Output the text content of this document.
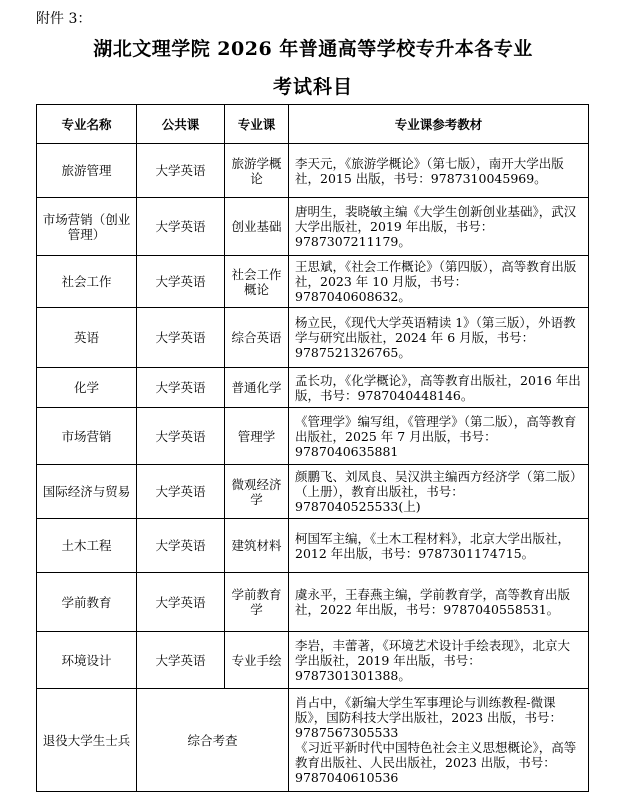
附件 3：
湖北文理学院 2026 年普通高等学校专升本各专业
考试科目
专业名称	公共课	专业课	专业课参考教材
旅游管理	大学英语	旅游学概论	李天元，《旅游学概论》（第七版），南开大学出版社，2015 出版，书号：9787310045969。
市场营销（创业管理）	大学英语	创业基础	唐明生，裴晓敏主编《大学生创新创业基础》，武汉大学出版社，2019 年出版，书号：9787307211179。
社会工作	大学英语	社会工作概论	王思斌，《社会工作概论》（第四版），高等教育出版社，2023 年 10 月版，书号：9787040608632。
英语	大学英语	综合英语	杨立民，《现代大学英语精读 1》（第三版），外语教学与研究出版社，2024 年 6 月版，书号：9787521326765。
化学	大学英语	普通化学	孟长功，《化学概论》，高等教育出版社，2016 年出版，书号：9787040448146。
市场营销	大学英语	管理学	《管理学》编写组，《管理学》（第二版），高等教育出版社，2025 年 7 月出版，书号：9787040635881
国际经济与贸易	大学英语	微观经济学	颜鹏飞、刘凤良、吴汉洪主编西方经济学（第二版）（上册），教育出版社，书号：9787040525533(上)
土木工程	大学英语	建筑材料	柯国军主编，《土木工程材料》，北京大学出版社，2012 年出版，书号：9787301174715。
学前教育	大学英语	学前教育学	虞永平，王春燕主编，学前教育学，高等教育出版社，2022 年出版，书号：9787040558531。
环境设计	大学英语	专业手绘	李岩，丰蕾著，《环境艺术设计手绘表现》，北京大学出版社，2019 年出版，书号：9787301301388。
退役大学生士兵	综合考查		肖占中，《新编大学生军事理论与训练教程-微课版》，国防科技大学出版社，2023 出版，书号：9787567305533
《习近平新时代中国特色社会主义思想概论》，高等教育出版社、人民出版社，2023 出版，书号：9787040610536
